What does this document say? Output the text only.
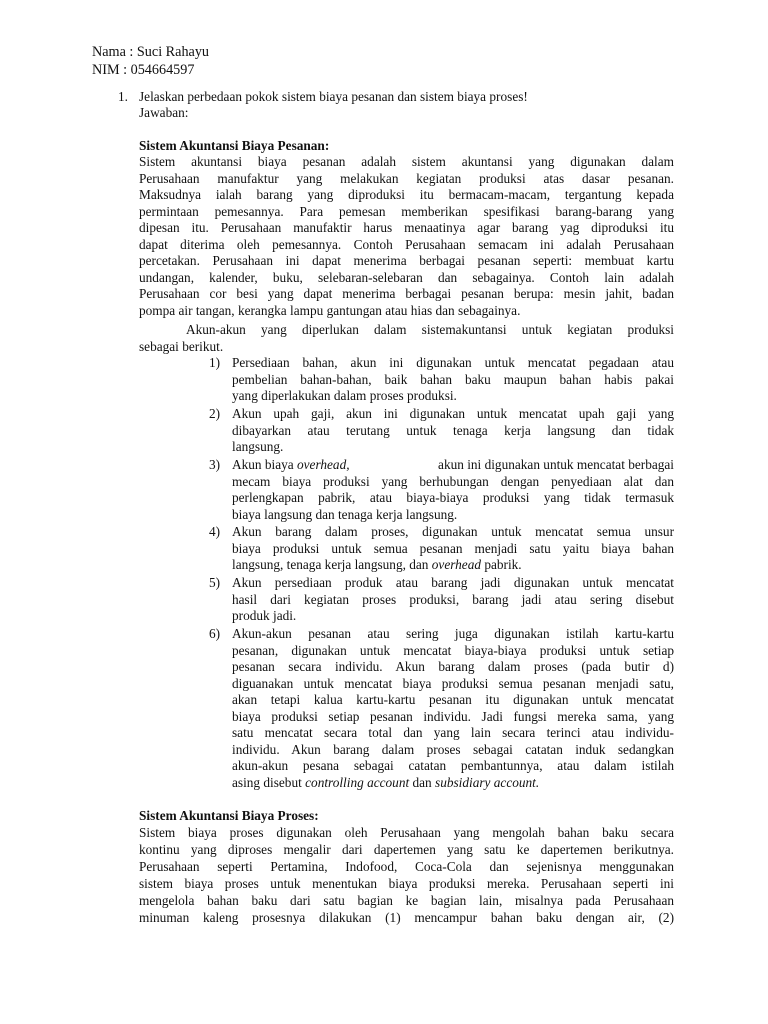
Nama : Suci Rahayu
NIM : 054664597
1. Jelaskan perbedaan pokok sistem biaya pesanan dan sistem biaya proses!
Jawaban:
Sistem Akuntansi Biaya Pesanan:
Sistem akuntansi biaya pesanan adalah sistem akuntansi yang digunakan dalam
Perusahaan manufaktur yang melakukan kegiatan produksi atas dasar pesanan.
Maksudnya ialah barang yang diproduksi itu bermacam-macam, tergantung kepada
permintaan pemesannya. Para pemesan memberikan spesifikasi barang-barang yang
dipesan itu. Perusahaan manufaktir harus menaatinya agar barang yag diproduksi itu
dapat diterima oleh pemesannya. Contoh Perusahaan semacam ini adalah Perusahaan
percetakan. Perusahaan ini dapat menerima berbagai pesanan seperti: membuat kartu
undangan, kalender, buku, selebaran-selebaran dan sebagainya. Contoh lain adalah
Perusahaan cor besi yang dapat menerima berbagai pesanan berupa: mesin jahit, badan
pompa air tangan, kerangka lampu gantungan atau hias dan sebagainya.
Akun-akun yang diperlukan dalam sistemakuntansi untuk kegiatan produksi
sebagai berikut.
1) Persediaan bahan, akun ini digunakan untuk mencatat pegadaan atau
pembelian bahan-bahan, baik bahan baku maupun bahan habis pakai
yang diperlakukan dalam proses produksi.
2) Akun upah gaji, akun ini digunakan untuk mencatat upah gaji yang
dibayarkan atau terutang untuk tenaga kerja langsung dan tidak
langsung.
3) Akun biaya overhead,	akun ini digunakan untuk mencatat berbagai
mecam biaya produksi yang berhubungan dengan penyediaan alat dan
perlengkapan pabrik, atau biaya-biaya produksi yang tidak termasuk
biaya langsung dan tenaga kerja langsung.
4) Akun barang dalam proses, digunakan untuk mencatat semua unsur
biaya produksi untuk semua pesanan menjadi satu yaitu biaya bahan
langsung, tenaga kerja langsung, dan overhead pabrik.
5) Akun persediaan produk atau barang jadi digunakan untuk mencatat
hasil dari kegiatan proses produksi, barang jadi atau sering disebut
produk jadi.
6) Akun-akun pesanan atau sering juga digunakan istilah kartu-kartu
pesanan, digunakan untuk mencatat biaya-biaya produksi untuk setiap
pesanan secara individu. Akun barang dalam proses (pada butir d)
diguanakan untuk mencatat biaya produksi semua pesanan menjadi satu,
akan tetapi kalua kartu-kartu pesanan itu digunakan untuk mencatat
biaya produksi setiap pesanan individu. Jadi fungsi mereka sama, yang
satu mencatat secara total dan yang lain secara terinci atau individu-
individu. Akun barang dalam proses sebagai catatan induk sedangkan
akun-akun pesana sebagai catatan pembantunnya, atau dalam istilah
asing disebut controlling account dan subsidiary account.
Sistem Akuntansi Biaya Proses:
Sistem biaya proses digunakan oleh Perusahaan yang mengolah bahan baku secara
kontinu yang diproses mengalir dari dapertemen yang satu ke dapertemen berikutnya.
Perusahaan seperti Pertamina, Indofood, Coca-Cola dan sejenisnya menggunakan
sistem biaya proses untuk menentukan biaya produksi mereka. Perusahaan seperti ini
mengelola bahan baku dari satu bagian ke bagian lain, misalnya pada Perusahaan
minuman kaleng prosesnya dilakukan (1) mencampur bahan baku dengan air, (2)
